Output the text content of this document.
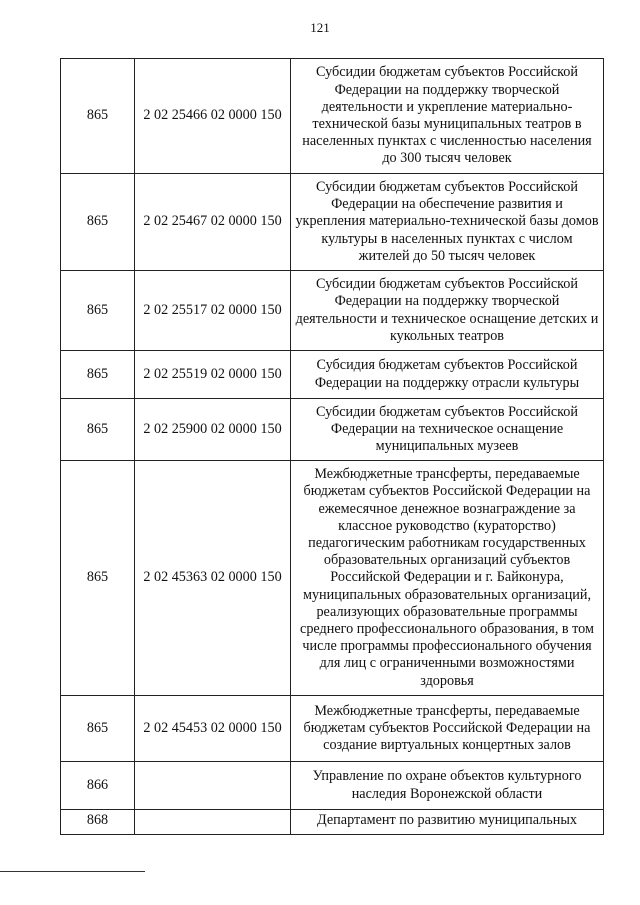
121
865	2 02 25466 02 0000 150	Субсидии бюджетам субъектов Российской Федерации на поддержку творческой деятельности и укрепление материально-технической базы муниципальных театров в населенных пунктах с численностью населения до 300 тысяч человек
865	2 02 25467 02 0000 150	Субсидии бюджетам субъектов Российской Федерации на обеспечение развития и укрепления материально-технической базы домов культуры в населенных пунктах с числом жителей до 50 тысяч человек
865	2 02 25517 02 0000 150	Субсидии бюджетам субъектов Российской Федерации на поддержку творческой деятельности и техническое оснащение детских и кукольных театров
865	2 02 25519 02 0000 150	Субсидия бюджетам субъектов Российской Федерации на поддержку отрасли культуры
865	2 02 25900 02 0000 150	Субсидии бюджетам субъектов Российской Федерации на техническое оснащение муниципальных музеев
865	2 02 45363 02 0000 150	Межбюджетные трансферты, передаваемые бюджетам субъектов Российской Федерации на ежемесячное денежное вознаграждение за классное руководство (кураторство) педагогическим работникам государственных образовательных организаций субъектов Российской Федерации и г. Байконура, муниципальных образовательных организаций, реализующих образовательные программы среднего профессионального образования, в том числе программы профессионального обучения для лиц с ограниченными возможностями здоровья
865	2 02 45453 02 0000 150	Межбюджетные трансферты, передаваемые бюджетам субъектов Российской Федерации на создание виртуальных концертных залов
866		Управление по охране объектов культурного наследия Воронежской области
868		Департамент по развитию муниципальных
